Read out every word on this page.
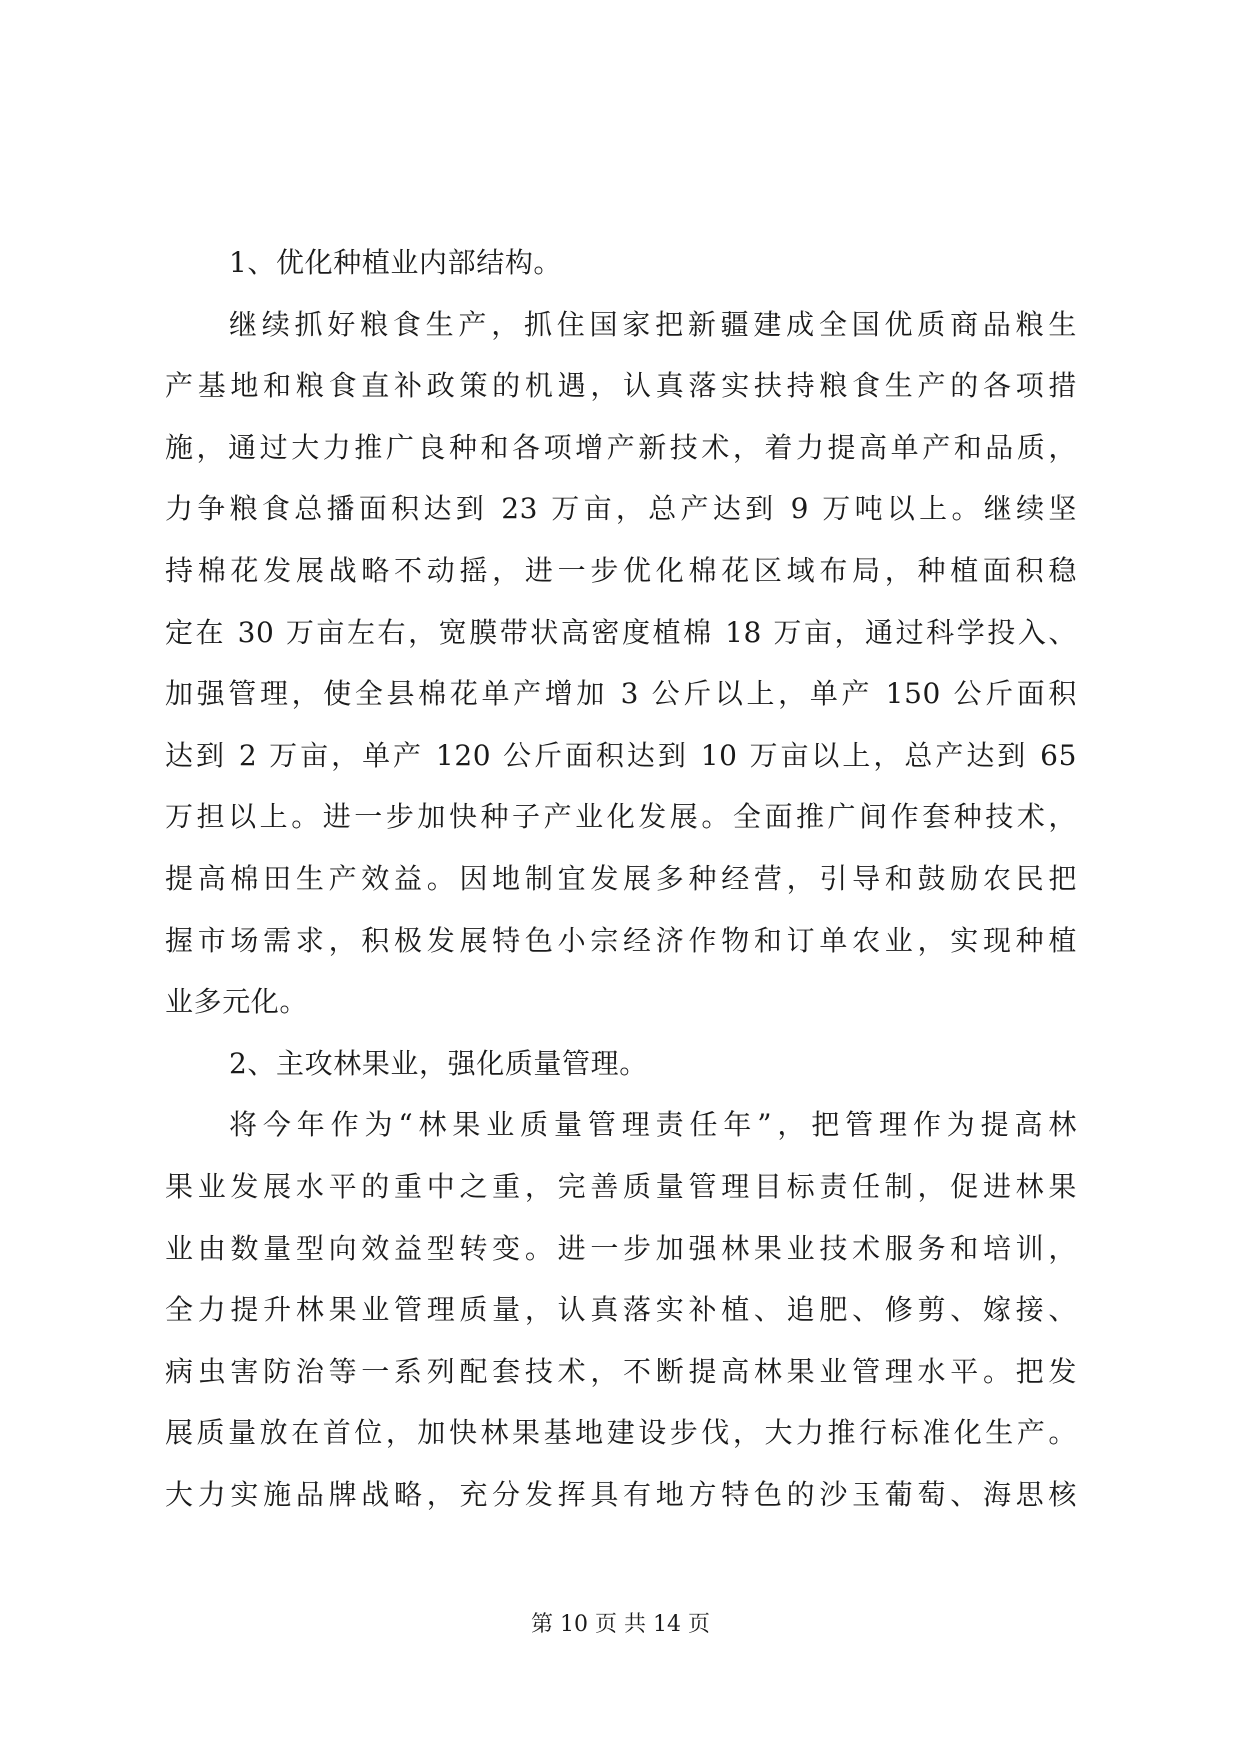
1、优化种植业内部结构。
继续抓好粮食生产，抓住国家把新疆建成全国优质商品粮生
产基地和粮食直补政策的机遇，认真落实扶持粮食生产的各项措
施，通过大力推广良种和各项增产新技术，着力提高单产和品质，
力争粮食总播面积达到 23 万亩，总产达到 9 万吨以上。继续坚
持棉花发展战略不动摇，进一步优化棉花区域布局，种植面积稳
定在 30 万亩左右，宽膜带状高密度植棉 18 万亩，通过科学投入、
加强管理，使全县棉花单产增加 3 公斤以上，单产 150 公斤面积
达到 2 万亩，单产 120 公斤面积达到 10 万亩以上，总产达到 65
万担以上。进一步加快种子产业化发展。全面推广间作套种技术，
提高棉田生产效益。因地制宜发展多种经营，引导和鼓励农民把
握市场需求，积极发展特色小宗经济作物和订单农业，实现种植
业多元化。
2、主攻林果业，强化质量管理。
将今年作为“林果业质量管理责任年”，把管理作为提高林
果业发展水平的重中之重，完善质量管理目标责任制，促进林果
业由数量型向效益型转变。进一步加强林果业技术服务和培训，
全力提升林果业管理质量，认真落实补植、追肥、修剪、嫁接、
病虫害防治等一系列配套技术，不断提高林果业管理水平。把发
展质量放在首位，加快林果基地建设步伐，大力推行标准化生产。
大力实施品牌战略，充分发挥具有地方特色的沙玉葡萄、海思核
第 10 页 共 14 页
